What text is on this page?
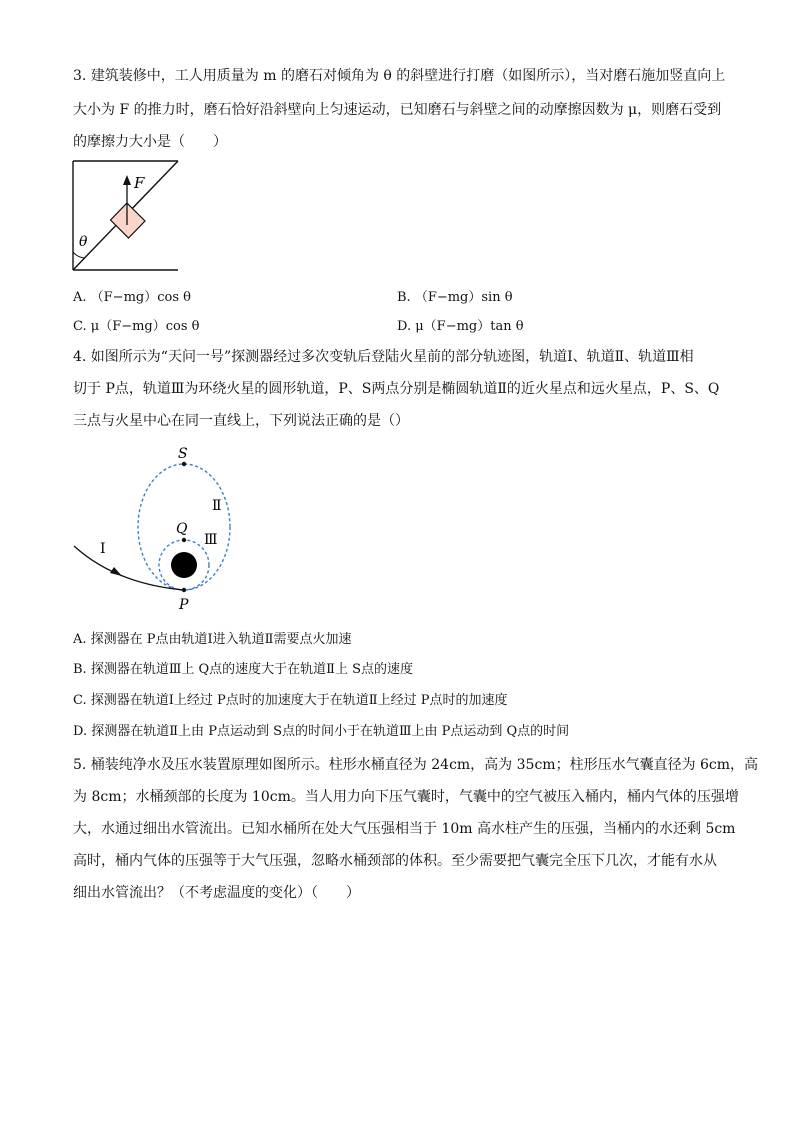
3. 建筑装修中，工人用质量为 m 的磨石对倾角为 θ 的斜壁进行打磨（如图所示），当对磨石施加竖直向上
大小为 F 的推力时，磨石恰好沿斜壁向上匀速运动，已知磨石与斜壁之间的动摩擦因数为 μ，则磨石受到
的摩擦力大小是（　　）
F
θ
A. （F−mg）cos θ	B. （F−mg）sin θ
C. μ（F−mg）cos θ	D. μ（F−mg）tan θ
4. 如图所示为“天问一号”探测器经过多次变轨后登陆火星前的部分轨迹图，轨道Ⅰ、轨道Ⅱ、轨道Ⅲ相
切于 P点，轨道Ⅲ为环绕火星的圆形轨道，P、S两点分别是椭圆轨道Ⅱ的近火星点和远火星点，P、S、Q
三点与火星中心在同一直线上，下列说法正确的是（）
S
Q
P
Ⅰ
Ⅱ
Ⅲ
A. 探测器在 P点由轨道Ⅰ进入轨道Ⅱ需要点火加速
B. 探测器在轨道Ⅲ上 Q点的速度大于在轨道Ⅱ上 S点的速度
C. 探测器在轨道Ⅰ上经过 P点时的加速度大于在轨道Ⅱ上经过 P点时的加速度
D. 探测器在轨道Ⅱ上由 P点运动到 S点的时间小于在轨道Ⅲ上由 P点运动到 Q点的时间
5. 桶装纯净水及压水装置原理如图所示。柱形水桶直径为 24cm，高为 35cm；柱形压水气囊直径为 6cm，高
为 8cm；水桶颈部的长度为 10cm。当人用力向下压气囊时，气囊中的空气被压入桶内，桶内气体的压强增
大，水通过细出水管流出。已知水桶所在处大气压强相当于 10m 高水柱产生的压强，当桶内的水还剩 5cm
高时，桶内气体的压强等于大气压强，忽略水桶颈部的体积。至少需要把气囊完全压下几次，才能有水从
细出水管流出？（不考虑温度的变化）（　　）
